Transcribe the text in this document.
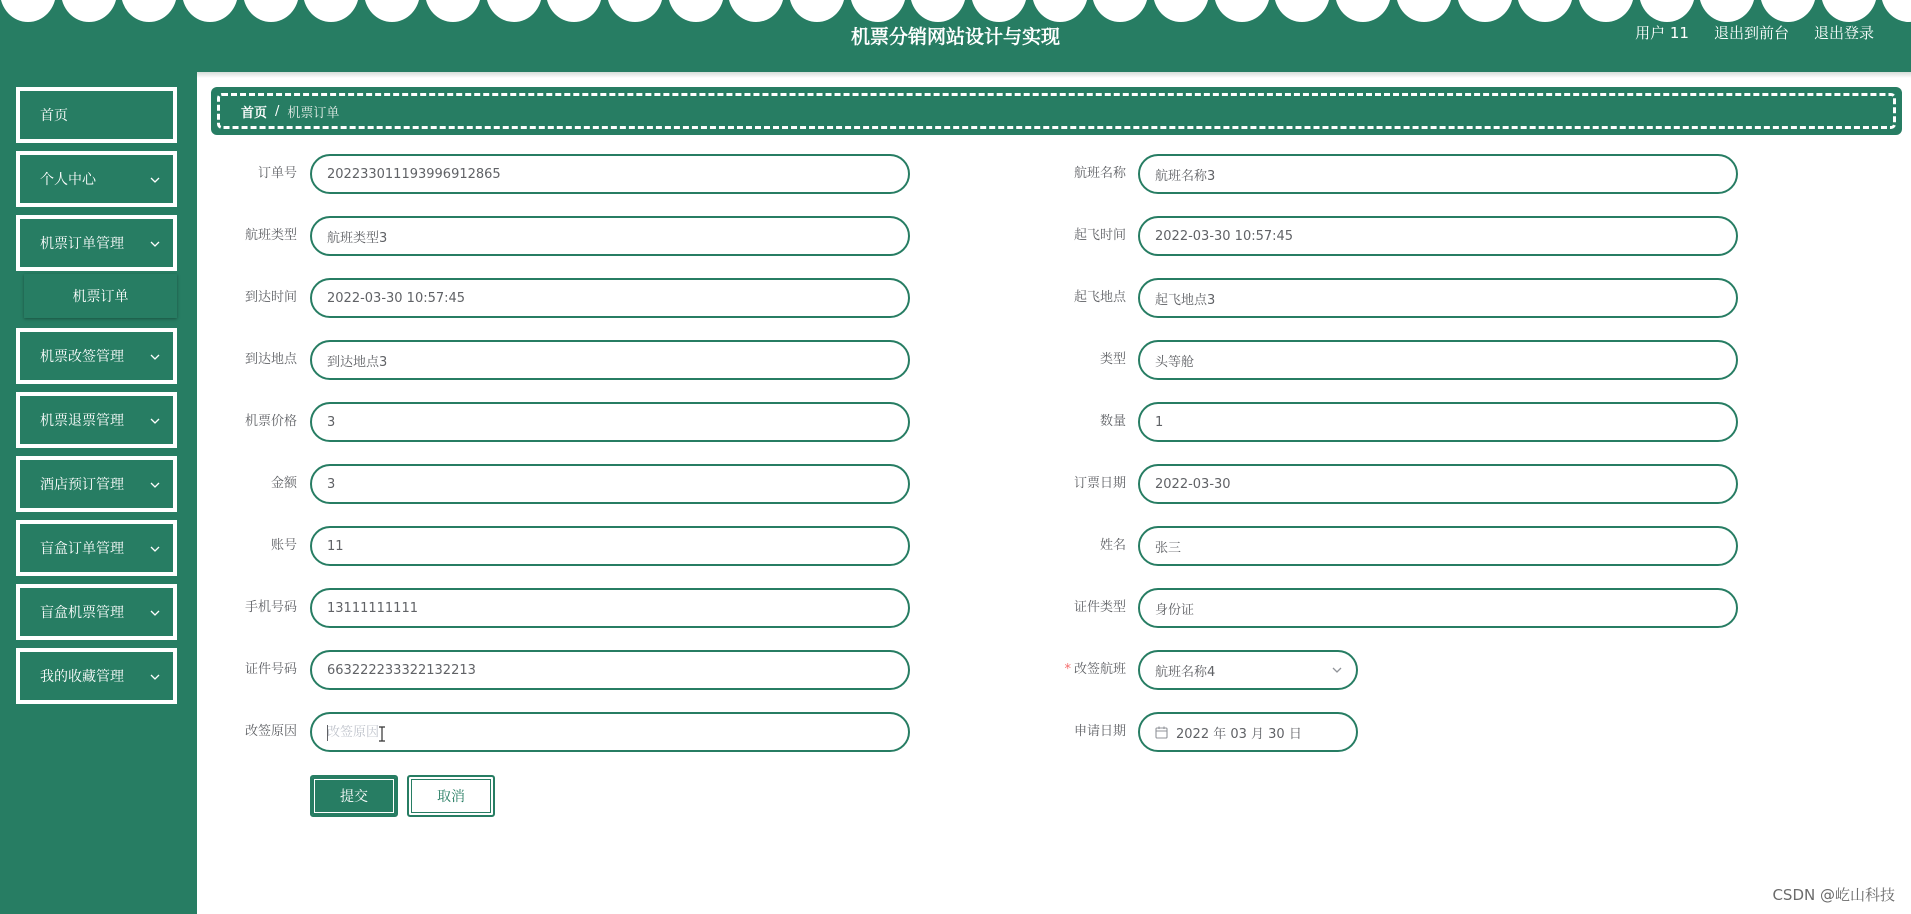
机票分销网站设计与实现	用户 11 退出到前台 退出登录
首页
个人中心
机票订单管理
机票订单
机票改签管理
机票退票管理
酒店预订管理
盲盒订单管理
盲盒机票管理
我的收藏管理
首页 / 机票订单
订单号
202233011193996912865
航班类型
航班类型3
到达时间
2022-03-30 10:57:45
到达地点
到达地点3
机票价格
3
金额
3
账号
11
手机号码
13111111111
证件号码
663222233322132213
改签原因
改签原因
航班名称
航班名称3
起飞时间
2022-03-30 10:57:45
起飞地点
起飞地点3
类型
头等舱
数量
1
订票日期
2022-03-30
姓名
张三
证件类型
身份证
* 改签航班 航班名称4
申请日期	2022 年 03 月 30 日
提交	取消
CSDN @屹山科技
